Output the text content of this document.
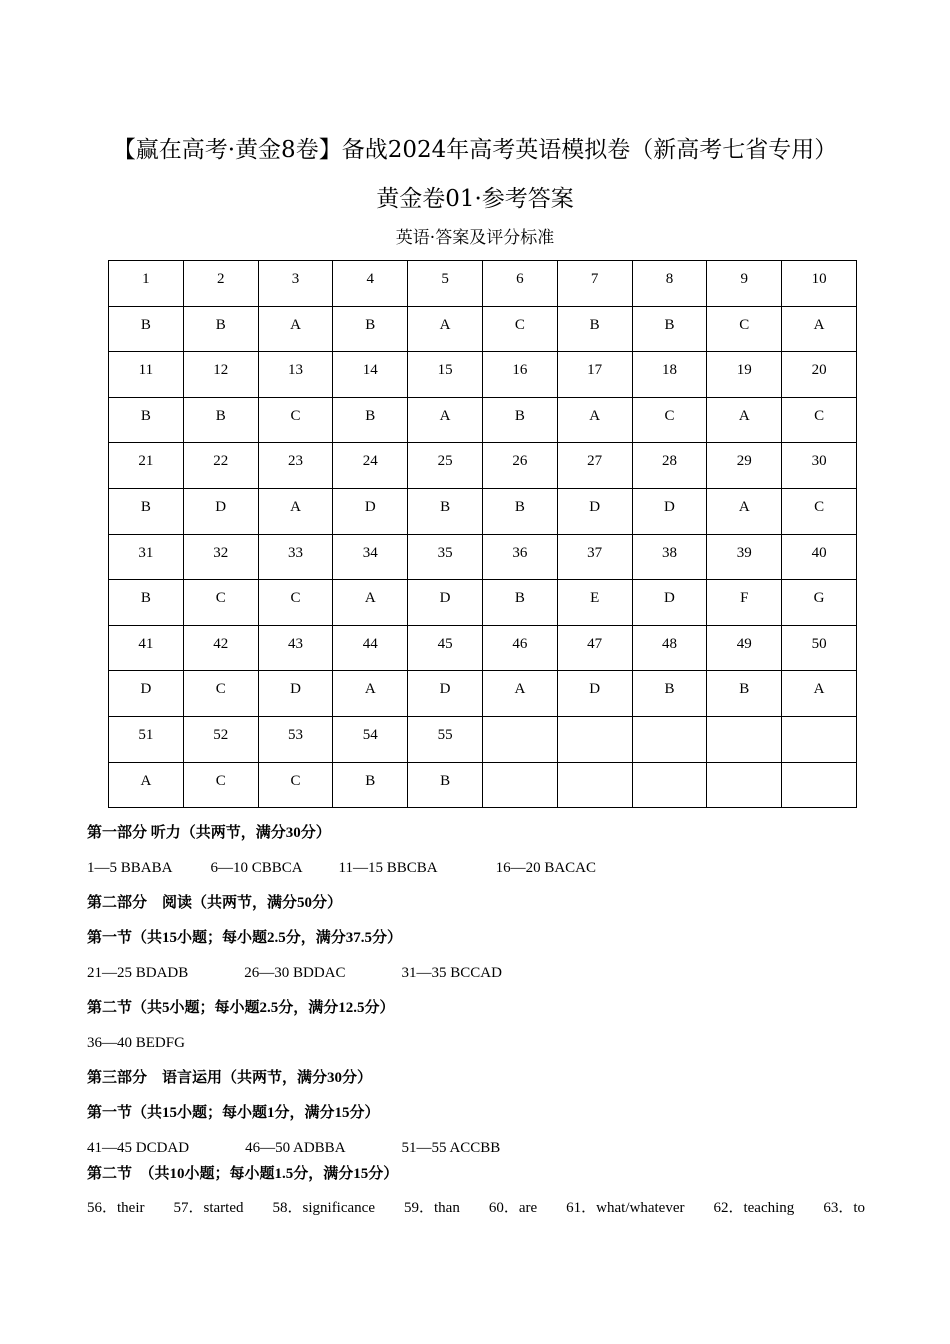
【赢在高考·黄金8卷】备战2024年高考英语模拟卷（新高考七省专用）
黄金卷01·参考答案
英语·答案及评分标准
1	2	3	4	5	6	7	8	9	10
B	B	A	B	A	C	B	B	C	A
11	12	13	14	15	16	17	18	19	20
B	B	C	B	A	B	A	C	A	C
21	22	23	24	25	26	27	28	29	30
B	D	A	D	B	B	D	D	A	C
31	32	33	34	35	36	37	38	39	40
B	C	C	A	D	B	E	D	F	G
41	42	43	44	45	46	47	48	49	50
D	C	D	A	D	A	D	B	B	A
51	52	53	54	55					
A	C	C	B	B					
第一部分 听力（共两节，满分30分）
1—5 BBABA	6—10 CBBCA 11—15 BBCBA	16—20 BACAC
第二部分　阅读（共两节，满分50分）
第一节（共15小题；每小题2.5分，满分37.5分）
21—25 BDADB	26—30 BDDAC	31—35 BCCAD
第二节（共5小题；每小题2.5分，满分12.5分）
36—40 BEDFG
第三部分　语言运用（共两节，满分30分）
第一节（共15小题；每小题1分，满分15分）
41—45 DCDAD	46—50 ADBBA	51—55 ACCBB
第二节　（共10小题；每小题1.5分，满分15分）
56．their 57．started 58．significance 59．than 60．are 61．what/whatever 62．teaching 63．to
